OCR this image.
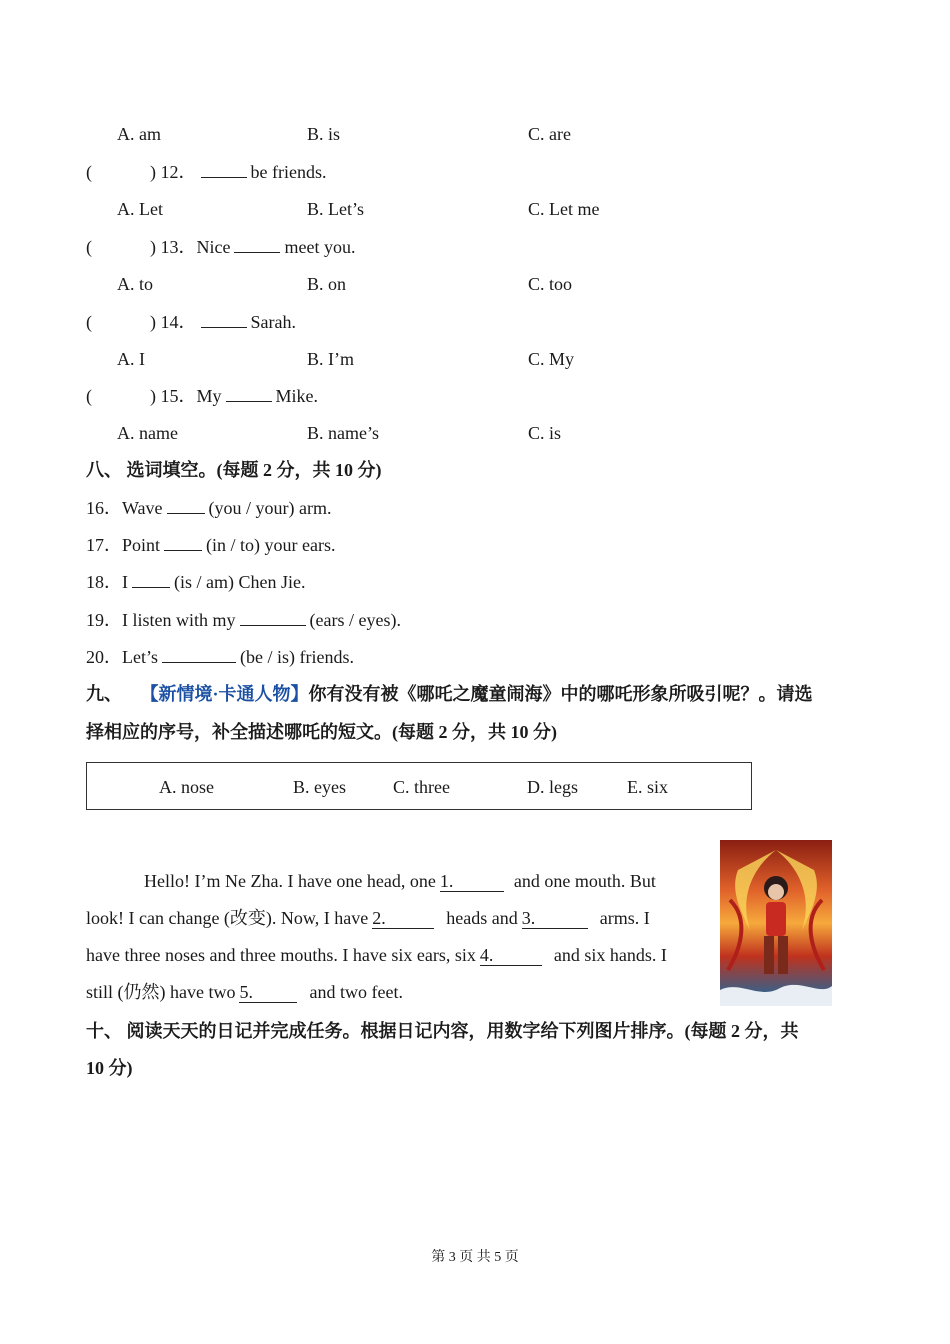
A. am	B. is	C. are
(	) 12．	be friends.
A. Let	B. Let’s	C. Let me
(	) 13．Nice	meet you.
A. to	B. on	C. too
(	) 14．	Sarah.
A. I	B. I’m	C. My
(	) 15．My	Mike.
A. name	B. name’s	C. is
八、 选词填空。(每题 2 分，共 10 分)
16．Wave	(you / your) arm.
17．Point	(in / to) your ears.
18．I	(is / am) Chen Jie.
19．I listen with my	(ears / eyes).
20．Let’s	(be / is) friends.
九、 【新情境·卡通人物】你有没有被《哪吒之魔童闹海》中的哪吒形象所吸引呢？。请选
择相应的序号，补全描述哪吒的短文。(每题 2 分，共 10 分)
A. nose	B. eyes	C. three	D. legs	E. six
Hello! I’m Ne Zha. I have one head, one 1.	and one mouth. But
look! I can change (改变). Now, I have 2.	heads and 3.	arms. I
have three noses and three mouths. I have six ears, six 4.	and six hands. I
still (仍然) have two 5.	and two feet.
十、 阅读天天的日记并完成任务。根据日记内容，用数字给下列图片排序。(每题 2 分，共
10 分)
第 3 页 共 5 页
